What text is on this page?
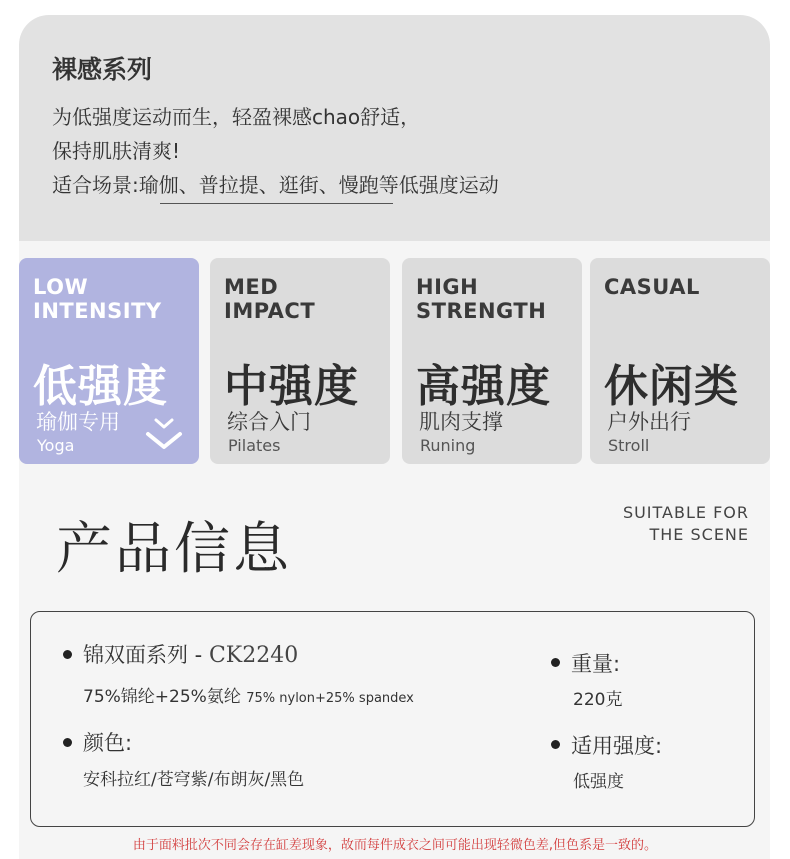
裸感系列
为低强度运动而生，轻盈裸感chao舒适，
保持肌肤清爽!
适合场景:瑜伽、普拉提、逛街、慢跑等低强度运动
LOW
INTENSITY
低强度
瑜伽专用
Yoga
MED
IMPACT
中强度
综合入门
Pilates
HIGH
STRENGTH
高强度
肌肉支撑
Runing
CASUAL

休闲类
户外出行
Stroll
产品信息
SUITABLE FOR
THE SCENE
锦双面系列 - CK2240
75%锦纶+25%氨纶 75% nylon+25% spandex
颜色:
安科拉红/苍穹紫/布朗灰/黑色
重量:
220克
适用强度:
低强度
由于面料批次不同会存在缸差现象，故而每件成衣之间可能出现轻微色差,但色系是一致的。
